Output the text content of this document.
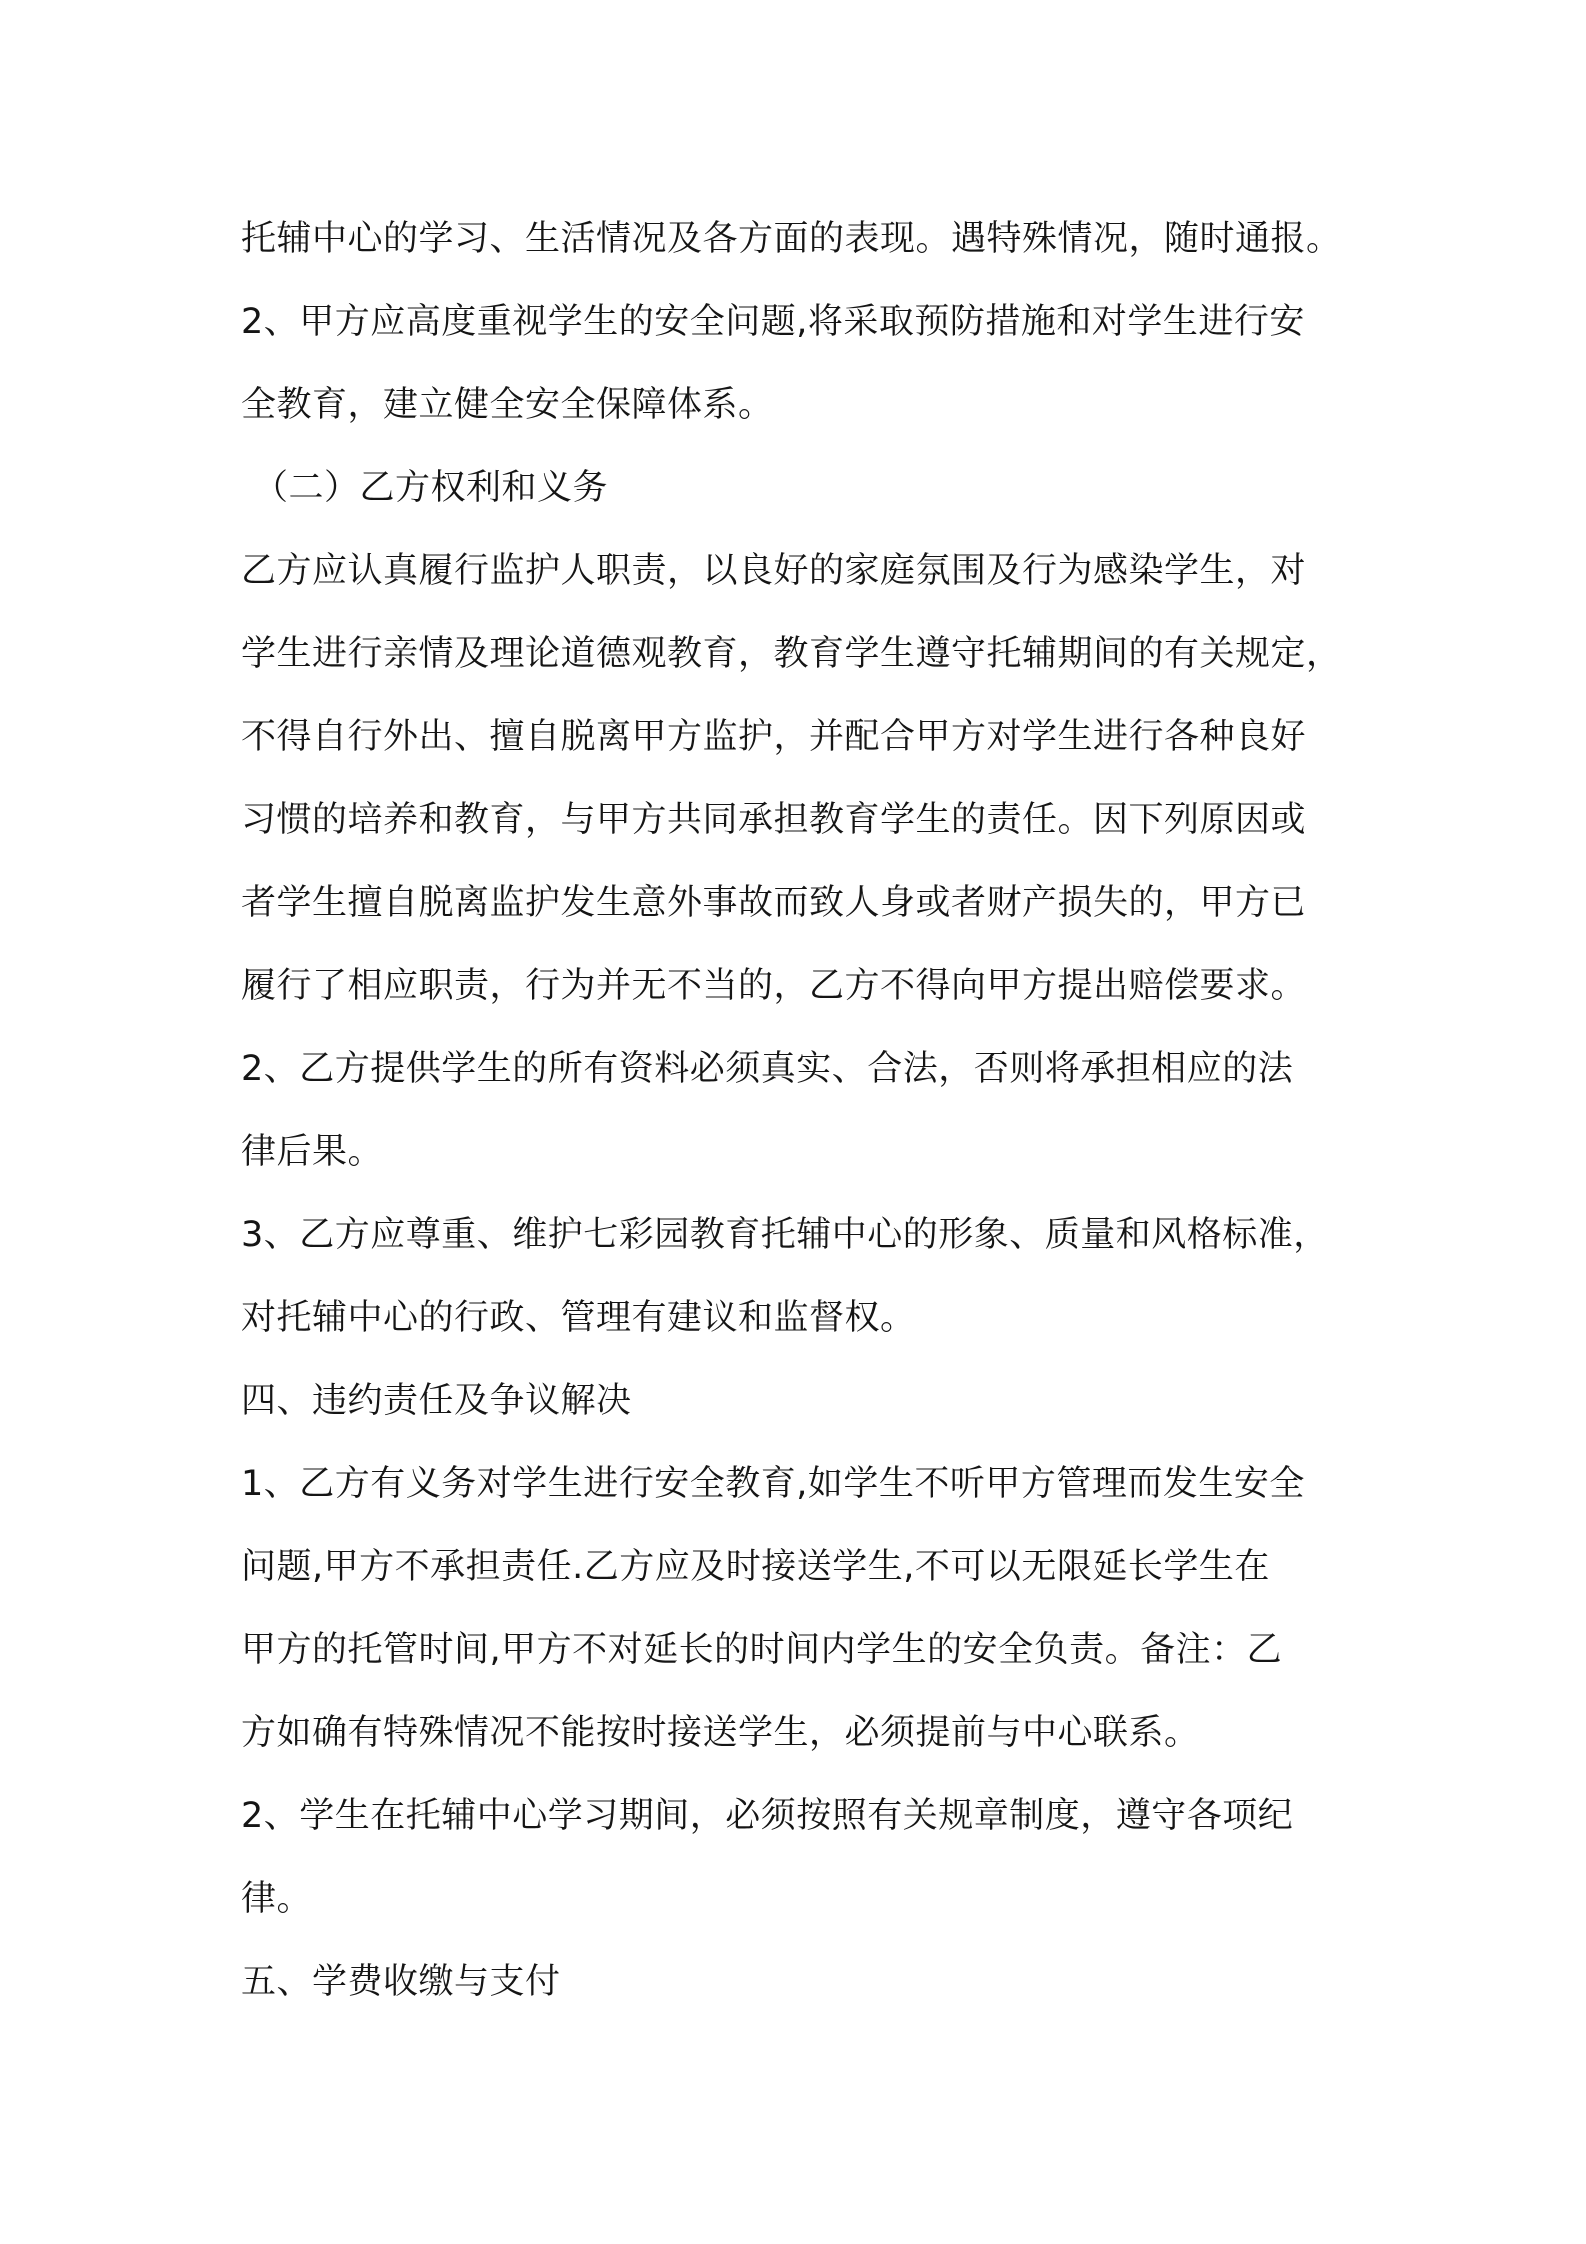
托辅中心的学习、生活情况及各方面的表现。遇特殊情况，随时通报。
2、甲方应高度重视学生的安全问题,将采取预防措施和对学生进行安
全教育，建立健全安全保障体系。
（二）乙方权利和义务
乙方应认真履行监护人职责，以良好的家庭氛围及行为感染学生，对
学生进行亲情及理论道德观教育，教育学生遵守托辅期间的有关规定，
不得自行外出、擅自脱离甲方监护，并配合甲方对学生进行各种良好
习惯的培养和教育，与甲方共同承担教育学生的责任。因下列原因或
者学生擅自脱离监护发生意外事故而致人身或者财产损失的，甲方已
履行了相应职责，行为并无不当的，乙方不得向甲方提出赔偿要求。
2、乙方提供学生的所有资料必须真实、合法，否则将承担相应的法
律后果。
3、乙方应尊重、维护七彩园教育托辅中心的形象、质量和风格标准，
对托辅中心的行政、管理有建议和监督权。
四、违约责任及争议解决
1、乙方有义务对学生进行安全教育,如学生不听甲方管理而发生安全
问题,甲方不承担责任.乙方应及时接送学生,不可以无限延长学生在
甲方的托管时间,甲方不对延长的时间内学生的安全负责。备注：乙
方如确有特殊情况不能按时接送学生，必须提前与中心联系。
2、学生在托辅中心学习期间，必须按照有关规章制度，遵守各项纪
律。
五、学费收缴与支付
